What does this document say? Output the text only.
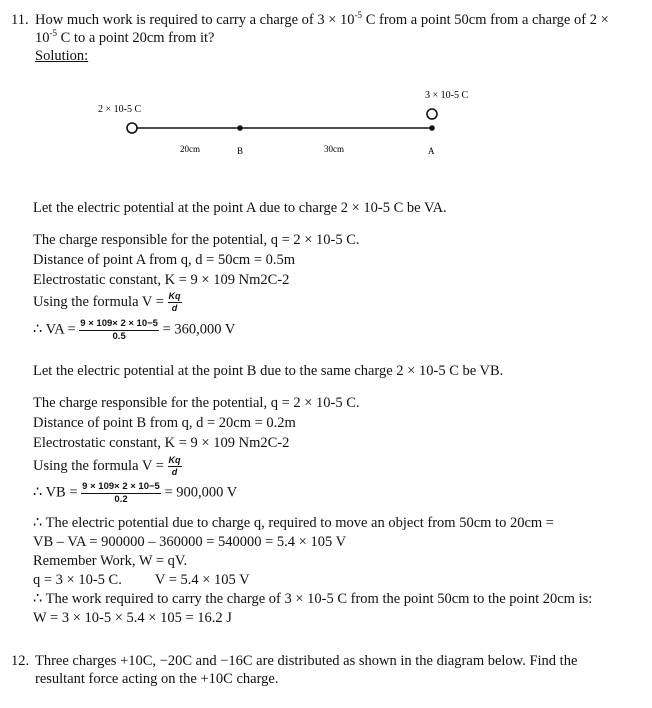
11. How much work is required to carry a charge of $3 \times 10^{-5}$ C from a point 50cm from a charge of 2 ×
$10^{-5}$ C to a point 20cm from it?
Solution:
2 × 10-5 C
3 × 10-5 C
20cm	B	30cm	A
Let the electric potential at the point A due to charge 2 × 10-5 C be VA.
The charge responsible for the potential, q = 2 × 10-5 C.
Distance of point A from q, d = 50cm = 0.5m
Electrostatic constant, K = 9 × 109 Nm2C-2
Using the formula $V = \frac{Kq}{d}$
∴ VA = $\frac{9 \times 109\times 2 \times 10-5}{0.5} = 360,000$ V
Let the electric potential at the point B due to the same charge 2 × 10-5 C be VB.
The charge responsible for the potential, q = 2 × 10-5 C.
Distance of point B from q, d = 20cm = 0.2m
Electrostatic constant, K = 9 × 109 Nm2C-2
Using the formula $V = \frac{Kq}{d}$
∴ VB = $\frac{9 \times 109\times 2 \times 10-5}{0.2} = 900,000$ V
∴ The electric potential due to charge q, required to move an object from 50cm to 20cm =
VB – VA = 900000 – 360000 = 540000 = 5.4 × 105 V
Remember Work, W = qV.
q = 3 × 10-5 C. V = 5.4 × 105 V
∴ The work required to carry the charge of 3 × 10-5 C from the point 50cm to the point 20cm is:
W = 3 × 10-5 × 5.4 × 105 = 16.2 J
12. Three charges +10C, −20C and −16C are distributed as shown in the diagram below. Find the
resultant force acting on the +10C charge.
